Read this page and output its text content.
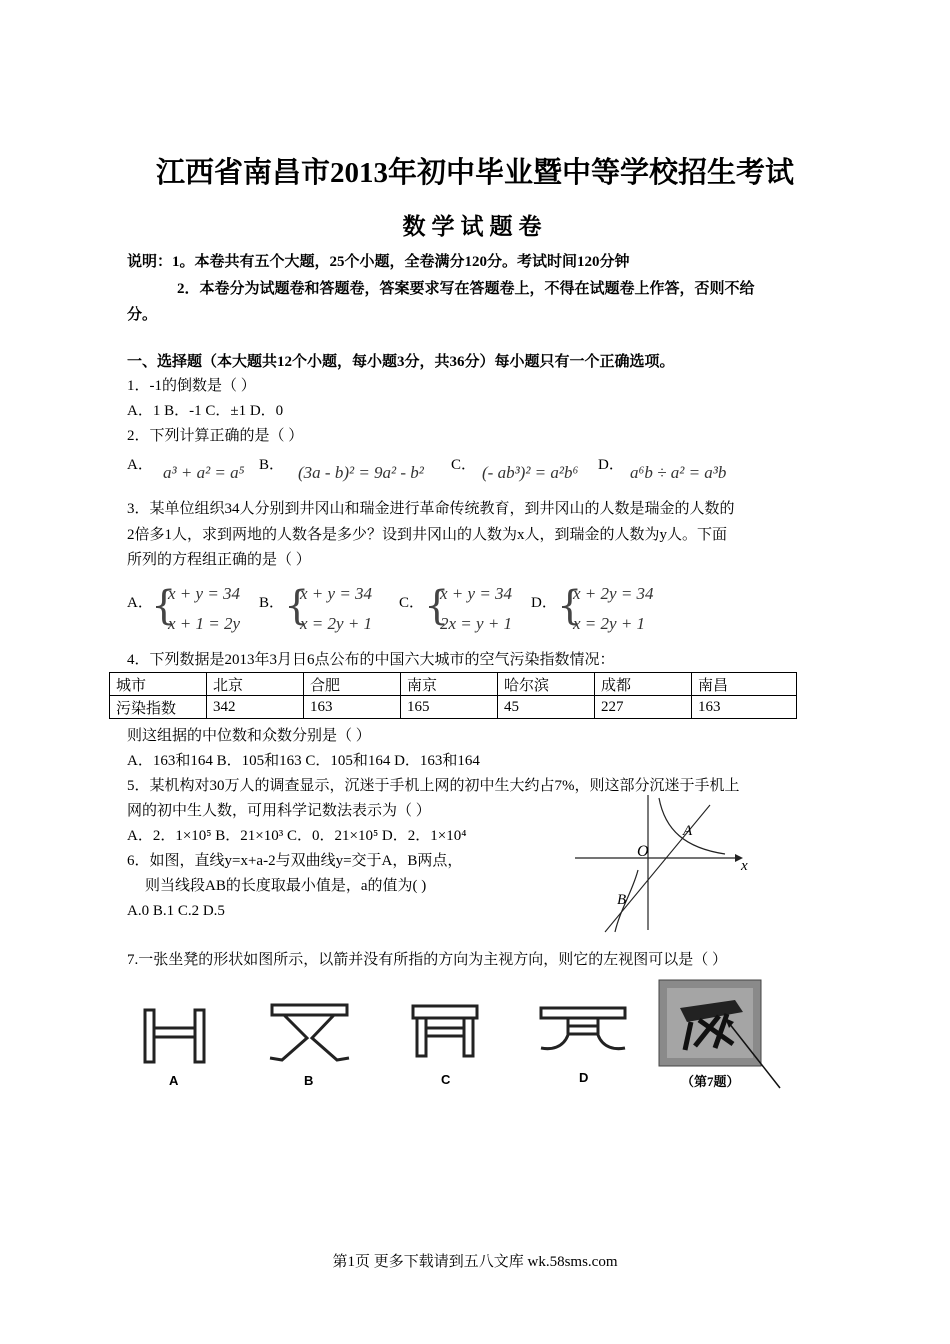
江西省南昌市2013年初中毕业暨中等学校招生考试
数学试题卷
说明：1。本卷共有五个大题，25个小题，全卷满分120分。考试时间120分钟
2．本卷分为试题卷和答题卷，答案要求写在答题卷上，不得在试题卷上作答，否则不给
分。
一、选择题（本大题共12个小题，每小题3分，共36分）每小题只有一个正确选项。
1．-1的倒数是（ ）
A．1 B．-1 C．±1 D．0
2．下列计算正确的是（ ）
A． a³ + a² = a⁵ B． (3a - b)² = 9a² - b² C． (- ab³)² = a²b⁶ D． a⁶b ÷ a² = a³b
3．某单位组织34人分别到井冈山和瑞金进行革命传统教育，到井冈山的人数是瑞金的人数的
2倍多1人，求到两地的人数各是多少？设到井冈山的人数为x人，到瑞金的人数为y人。下面
所列的方程组正确的是（ ）
A．
{
x + y = 34
x + 1 = 2y
B． {
x + y = 34
x = 2y + 1
C． {
x + y = 34
2x = y + 1
D． {
x + 2y = 34
x = 2y + 1
4．下列数据是2013年3月日6点公布的中国六大城市的空气污染指数情况：
城市	北京	合肥	南京	哈尔滨	成都	南昌
污染指数	342	163	165	45	227	163
则这组据的中位数和众数分别是（ ）
A．163和164 B．105和163 C．105和164 D．163和164
5．某机构对30万人的调查显示，沉迷于手机上网的初中生大约占7%，则这部分沉迷于手机上
网的初中生人数，可用科学记数法表示为（ ）
A．2．1×10⁵ B．21×10³ C．0．21×10⁵ D．2．1×10⁴
6．如图，直线y=x+a-2与双曲线y=交于A，B两点，
则当线段AB的长度取最小值是，a的值为( )
A.0 B.1 C.2 D.5
O
A
B
x
7.一张坐凳的形状如图所示，以箭并没有所指的方向为主视方向，则它的左视图可以是（ ）
A	B	C	D	（第7题）
第1页 更多下载请到五八文库 wk.58sms.com
